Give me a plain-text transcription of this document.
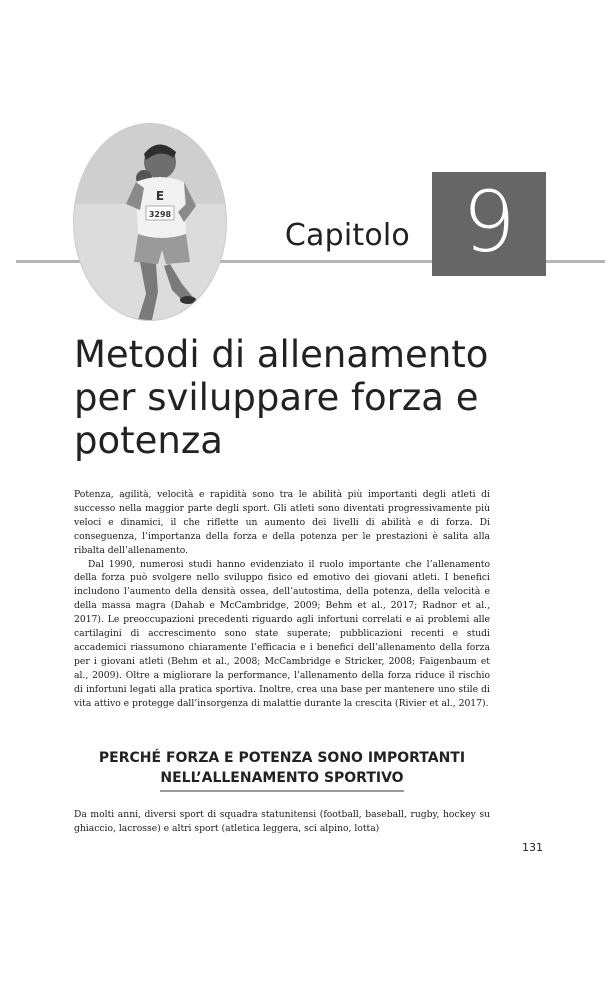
E
3298
Capitolo 9
Metodi di allenamento
per sviluppare forza e
potenza

Potenza, agilità, velocità e rapidità sono tra le abilità più importanti degli atleti di successo nella maggior parte degli sport. Gli atleti sono diventati progressivamente più veloci e dinamici, il che riflette un aumento dei livelli di abilità e di forza. Di conseguenza, l’importanza della forza e della potenza per le prestazioni è salita alla ribalta dell’allenamento.

Dal 1990, numerosi studi hanno evidenziato il ruolo importante che l’allenamento della forza può svolgere nello sviluppo fisico ed emotivo dei giovani atleti. I benefici includono l’aumento della densità ossea, dell’autostima, della potenza, della velocità e della massa magra (Dahab e McCambridge, 2009; Behm et al., 2017; Radnor et al., 2017). Le preoccupazioni precedenti riguardo agli infortuni correlati e ai problemi alle cartilagini di accrescimento sono state superate; pubblicazioni recenti e studi accademici riassumono chiaramente l’efficacia e i benefici dell’allenamento della forza per i giovani atleti (Behm et al., 2008; McCambridge e Stricker, 2008; Faigenbaum et al., 2009). Oltre a migliorare la performance, l’allenamento della forza riduce il rischio di infortuni legati alla pratica sportiva. Inoltre, crea una base per mantenere uno stile di vita attivo e protegge dall’insorgenza di malattie durante la crescita (Rivier et al., 2017).

PERCHÉ FORZA E POTENZA SONO IMPORTANTI
NELL’ALLENAMENTO SPORTIVO

Da molti anni, diversi sport di squadra statunitensi (football, baseball, rugby, hockey su ghiaccio, lacrosse) e altri sport (atletica leggera, sci alpino, lotta)

131
